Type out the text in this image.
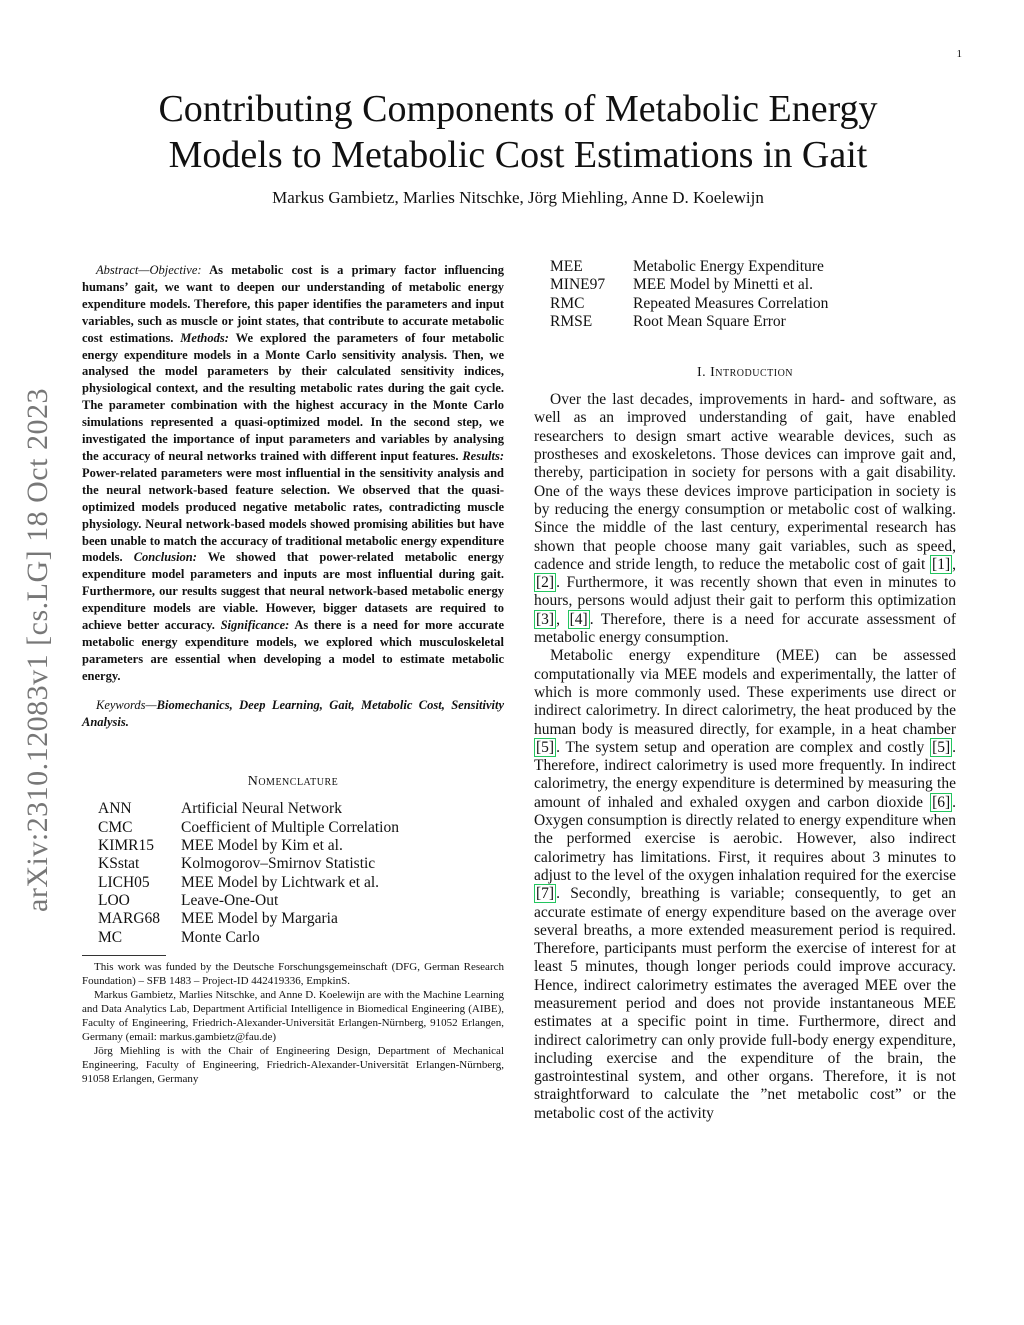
1
arXiv:2310.12083v1 [cs.LG] 18 Oct 2023
Contributing Components of Metabolic Energy
Models to Metabolic Cost Estimations in Gait
Markus Gambietz, Marlies Nitschke, Jörg Miehling, Anne D. Koelewijn

Abstract—Objective: As metabolic cost is a primary factor influencing humans’ gait, we want to deepen our understanding of metabolic energy expenditure models. Therefore, this paper identifies the parameters and input variables, such as muscle or joint states, that contribute to accurate metabolic cost estimations. Methods: We explored the parameters of four metabolic energy expenditure models in a Monte Carlo sensitivity analysis. Then, we analysed the model parameters by their calculated sensitivity indices, physiological context, and the resulting metabolic rates during the gait cycle. The parameter combination with the highest accuracy in the Monte Carlo simulations represented a quasi-optimized model. In the second step, we investigated the importance of input parameters and variables by analysing the accuracy of neural networks trained with different input features. Results: Power-related parameters were most influential in the sensitivity analysis and the neural network-based feature selection. We observed that the quasi-optimized models produced negative metabolic rates, contradicting muscle physiology. Neural network-based models showed promising abilities but have been unable to match the accuracy of traditional metabolic energy expenditure models. Conclusion: We showed that power-related metabolic energy expenditure model parameters and inputs are most influential during gait. Furthermore, our results suggest that neural network-based metabolic energy expenditure models are viable. However, bigger datasets are required to achieve better accuracy. Significance: As there is a need for more accurate metabolic energy expenditure models, we explored which musculoskeletal parameters are essential when developing a model to estimate metabolic energy.

Keywords—Biomechanics, Deep Learning, Gait, Metabolic Cost, Sensitivity Analysis.

Nomenclature
ANN	Artificial Neural Network
CMC	Coefficient of Multiple Correlation
KIMR15	MEE Model by Kim et al.
KSstat	Kolmogorov–Smirnov Statistic
LICH05	MEE Model by Lichtwark et al.
LOO	Leave-One-Out
MARG68	MEE Model by Margaria
MC	Monte Carlo

This work was funded by the Deutsche Forschungsgemeinschaft (DFG, German Research Foundation) – SFB 1483 – Project-ID 442419336, EmpkinS.

Markus Gambietz, Marlies Nitschke, and Anne D. Koelewijn are with the Machine Learning and Data Analytics Lab, Department Artificial Intelligence in Biomedical Engineering (AIBE), Faculty of Engineering, Friedrich-Alexander-Universität Erlangen-Nürnberg, 91052 Erlangen, Germany (email: markus.gambietz@fau.de)

Jörg Miehling is with the Chair of Engineering Design, Department of Mechanical Engineering, Faculty of Engineering, Friedrich-Alexander-Universität Erlangen-Nürnberg, 91058 Erlangen, Germany

MEE	Metabolic Energy Expenditure
MINE97	MEE Model by Minetti et al.
RMC	Repeated Measures Correlation
RMSE	Root Mean Square Error
I. Introduction

Over the last decades, improvements in hard- and software, as well as an improved understanding of gait, have enabled researchers to design smart active wearable devices, such as prostheses and exoskeletons. Those devices can improve gait and, thereby, participation in society for persons with a gait disability. One of the ways these devices improve participation in society is by reducing the energy consumption or metabolic cost of walking. Since the middle of the last century, experimental research has shown that people choose many gait variables, such as speed, cadence and stride length, to reduce the metabolic cost of gait [1] , [2] . Furthermore, it was recently shown that even in minutes to hours, persons would adjust their gait to perform this optimization [3] , [4] . Therefore, there is a need for accurate assessment of metabolic energy consumption.

Metabolic energy expenditure (MEE) can be assessed computationally via MEE models and experimentally, the latter of which is more commonly used. These experiments use direct or indirect calorimetry. In direct calorimetry, the heat produced by the human body is measured directly, for example, in a heat chamber [5] . The system setup and operation are complex and costly [5] . Therefore, indirect calorimetry is used more frequently. In indirect calorimetry, the energy expenditure is determined by measuring the amount of inhaled and exhaled oxygen and carbon dioxide [6] . Oxygen consumption is directly related to energy expenditure when the performed exercise is aerobic. However, also indirect calorimetry has limitations. First, it requires about 3 minutes to adjust to the level of the oxygen inhalation required for the exercise [7] . Secondly, breathing is variable; consequently, to get an accurate estimate of energy expenditure based on the average over several breaths, a more extended measurement period is required. Therefore, participants must perform the exercise of interest for at least 5 minutes, though longer periods could improve accuracy. Hence, indirect calorimetry estimates the averaged MEE over the measurement period and does not provide instantaneous MEE estimates at a specific point in time. Furthermore, direct and indirect calorimetry can only provide full-body energy expenditure, including exercise and the expenditure of the brain, the gastrointestinal system, and other organs. Therefore, it is not straightforward to calculate the ”net metabolic cost” or the metabolic cost of the activity
